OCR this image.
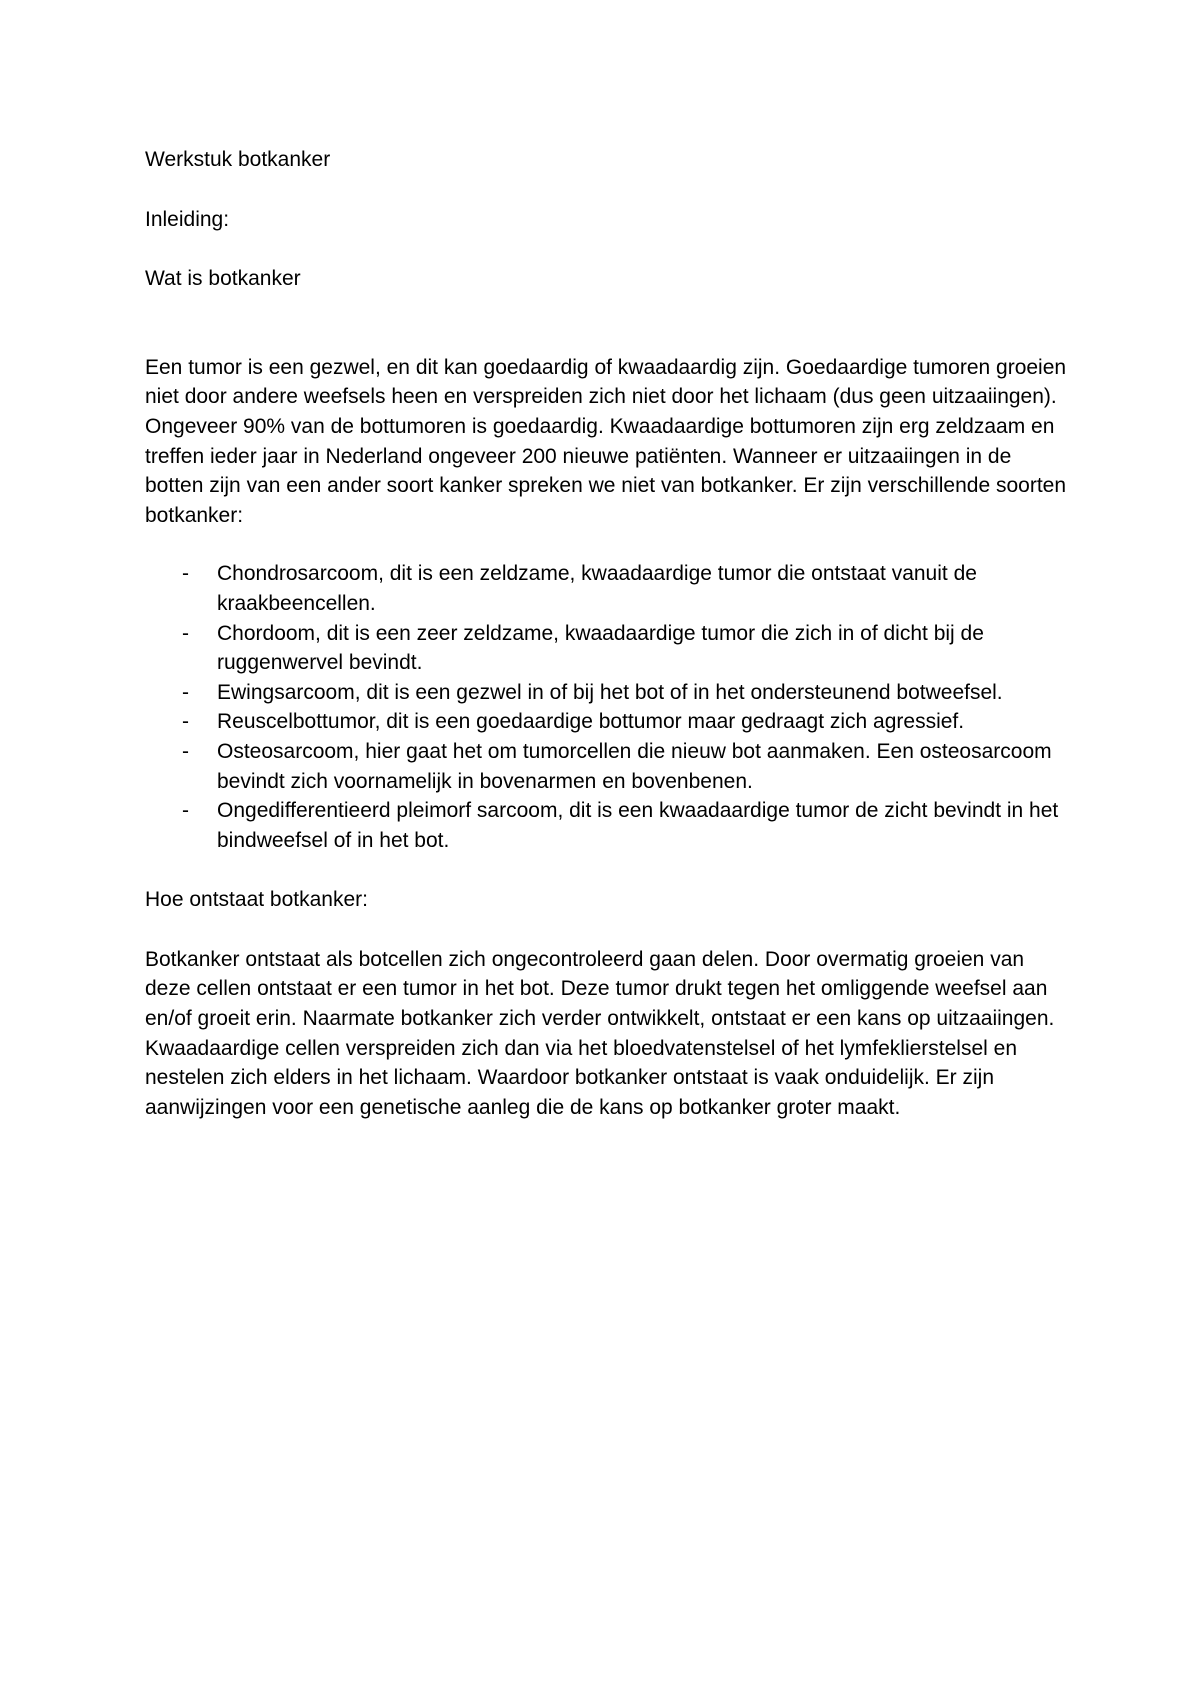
Werkstuk botkanker

Inleiding:

Wat is botkanker

Een tumor is een gezwel, en dit kan goedaardig of kwaadaardig zijn. Goedaardige tumoren groeien niet door andere weefsels heen en verspreiden zich niet door het lichaam (dus geen uitzaaiingen). Ongeveer 90% van de bottumoren is goedaardig. Kwaadaardige bottumoren zijn erg zeldzaam en treffen ieder jaar in Nederland ongeveer 200 nieuwe patiënten. Wanneer er uitzaaiingen in de botten zijn van een ander soort kanker spreken we niet van botkanker. Er zijn verschillende soorten botkanker:

- Chondrosarcoom, dit is een zeldzame, kwaadaardige tumor die ontstaat vanuit de kraakbeencellen.
- Chordoom, dit is een zeer zeldzame, kwaadaardige tumor die zich in of dicht bij de ruggenwervel bevindt.
- Ewingsarcoom, dit is een gezwel in of bij het bot of in het ondersteunend botweefsel.
- Reuscelbottumor, dit is een goedaardige bottumor maar gedraagt zich agressief.
- Osteosarcoom, hier gaat het om tumorcellen die nieuw bot aanmaken. Een osteosarcoom bevindt zich voornamelijk in bovenarmen en bovenbenen.
- Ongedifferentieerd pleimorf sarcoom, dit is een kwaadaardige tumor de zicht bevindt in het bindweefsel of in het bot.

Hoe ontstaat botkanker:

Botkanker ontstaat als botcellen zich ongecontroleerd gaan delen. Door overmatig groeien van deze cellen ontstaat er een tumor in het bot. Deze tumor drukt tegen het omliggende weefsel aan en/of groeit erin. Naarmate botkanker zich verder ontwikkelt, ontstaat er een kans op uitzaaiingen. Kwaadaardige cellen verspreiden zich dan via het bloedvatenstelsel of het lymfeklierstelsel en nestelen zich elders in het lichaam. Waardoor botkanker ontstaat is vaak onduidelijk. Er zijn aanwijzingen voor een genetische aanleg die de kans op botkanker groter maakt.
